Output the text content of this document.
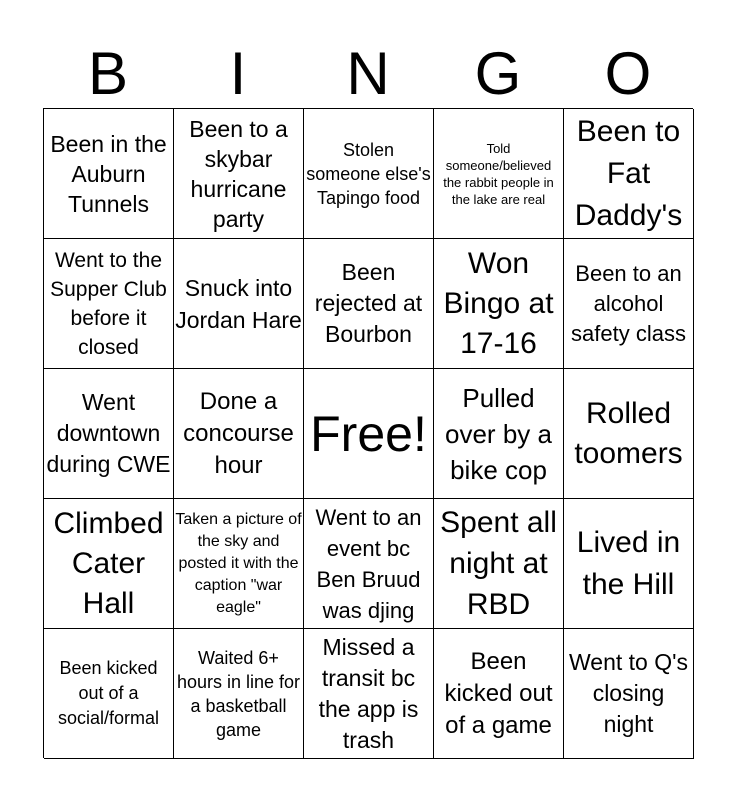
B	I	N	G	O
Been in the Auburn Tunnels
Been to a skybar hurricane party
Stolen someone else's Tapingo food
Told someone/believed the rabbit people in the lake are real
Been to Fat Daddy's
Went to the Supper Club before it closed
Snuck into Jordan Hare
Been rejected at Bourbon
Won Bingo at 17-16
Been to an alcohol safety class
Went downtown during CWE
Done a concourse hour
Free!
Pulled over by a bike cop
Rolled toomers
Climbed Cater Hall
Taken a picture of the sky and posted it with the caption "war eagle"
Went to an event bc Ben Bruud was djing
Spent all night at RBD
Lived in the Hill
Been kicked out of a social/formal
Waited 6+ hours in line for a basketball game
Missed a transit bc the app is trash
Been kicked out of a game
Went to Q's closing night
